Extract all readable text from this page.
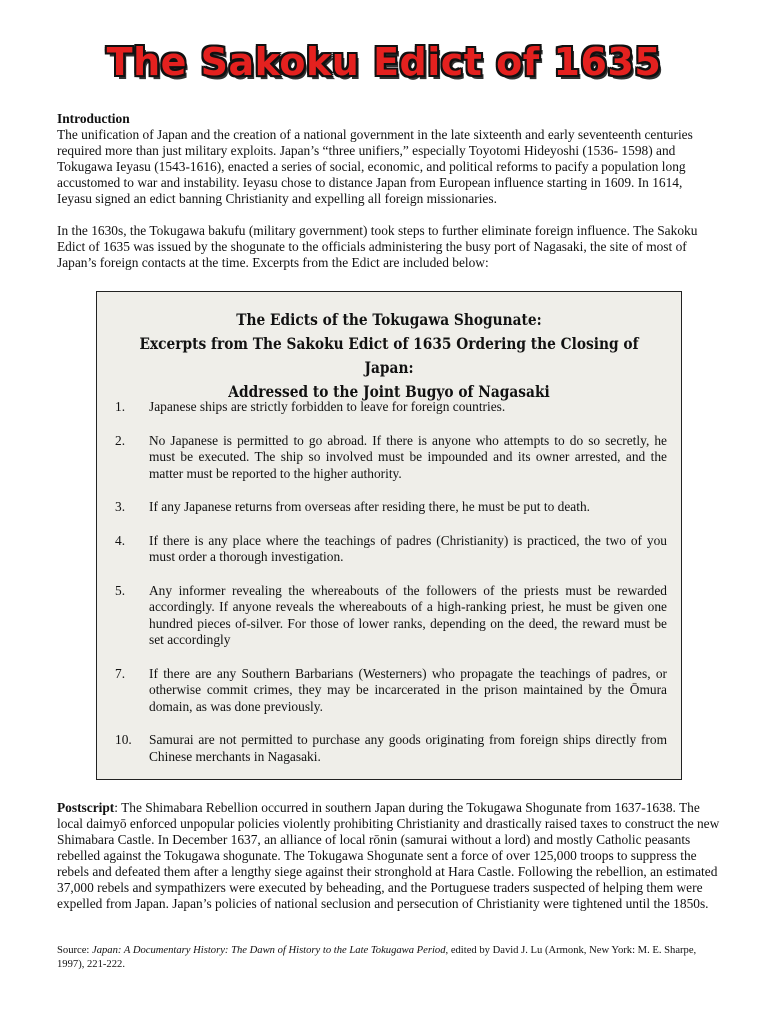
The Sakoku Edict of 1635
Introduction

The unification of Japan and the creation of a national government in the late sixteenth and early seventeenth centuries required more than just military exploits. Japan’s “three unifiers,” especially Toyotomi Hideyoshi (1536- 1598) and Tokugawa Ieyasu (1543-1616), enacted a series of social, economic, and political reforms to pacify a population long accustomed to war and instability. Ieyasu chose to distance Japan from European influence starting in 1609. In 1614, Ieyasu signed an edict banning Christianity and expelling all foreign missionaries.

In the 1630s, the Tokugawa bakufu (military government) took steps to further eliminate foreign influence. The Sakoku Edict of 1635 was issued by the shogunate to the officials administering the busy port of Nagasaki, the site of most of Japan’s foreign contacts at the time. Excerpts from the Edict are included below:

The Edicts of the Tokugawa Shogunate:
Excerpts from The Sakoku Edict of 1635 Ordering the Closing of Japan:
Addressed to the Joint Bugyo of Nagasaki
1.	Japanese ships are strictly forbidden to leave for foreign countries.
2.	No Japanese is permitted to go abroad. If there is anyone who attempts to do so secretly, he must be executed. The ship so involved must be impounded and its owner arrested, and the matter must be reported to the higher authority.
3.	If any Japanese returns from overseas after residing there, he must be put to death.
4.	If there is any place where the teachings of padres (Christianity) is practiced, the two of you must order a thorough investigation.
5.	Any informer revealing the whereabouts of the followers of the priests must be rewarded accordingly. If anyone reveals the whereabouts of a high-ranking priest, he must be given one hundred pieces of-silver. For those of lower ranks, depending on the deed, the reward must be set accordingly
7.	If there are any Southern Barbarians (Westerners) who propagate the teachings of padres, or otherwise commit crimes, they may be incarcerated in the prison maintained by the Ōmura domain, as was done previously.
10.	Samurai are not permitted to purchase any goods originating from foreign ships directly from Chinese merchants in Nagasaki.
Postscript: The Shimabara Rebellion occurred in southern Japan during the Tokugawa Shogunate from 1637-1638. The local daimyō enforced unpopular policies violently prohibiting Christianity and drastically raised taxes to construct the new Shimabara Castle. In December 1637, an alliance of local rōnin (samurai without a lord) and mostly Catholic peasants rebelled against the Tokugawa shogunate. The Tokugawa Shogunate sent a force of over 125,000 troops to suppress the rebels and defeated them after a lengthy siege against their stronghold at Hara Castle. Following the rebellion, an estimated 37,000 rebels and sympathizers were executed by beheading, and the Portuguese traders suspected of helping them were expelled from Japan. Japan’s policies of national seclusion and persecution of Christianity were tightened until the 1850s.
Source: Japan: A Documentary History: The Dawn of History to the Late Tokugawa Period, edited by David J. Lu (Armonk, New York: M. E. Sharpe, 1997), 221-222.
